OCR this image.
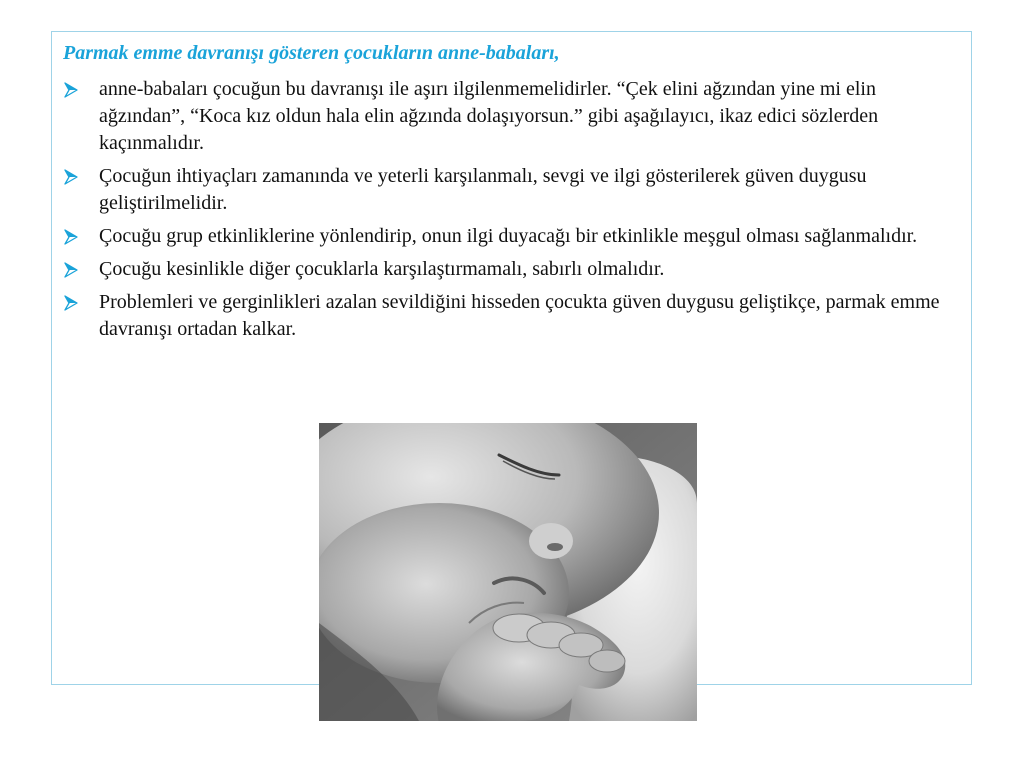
Parmak emme davranışı gösteren çocukların anne-babaları,
anne-babaları çocuğun bu davranışı ile aşırı ilgilenmemelidirler. “Çek elini ağzından yine mi elin ağzından”, “Koca kız oldun hala elin ağzında dolaşıyorsun.” gibi aşağılayıcı, ikaz edici sözlerden kaçınmalıdır.
Çocuğun ihtiyaçları zamanında ve yeterli karşılanmalı, sevgi ve ilgi gösterilerek güven duygusu geliştirilmelidir.
Çocuğu grup etkinliklerine yönlendirip, onun ilgi duyacağı bir etkinlikle meşgul olması sağlanmalıdır.
Çocuğu kesinlikle diğer çocuklarla karşılaştırmamalı, sabırlı olmalıdır.
Problemleri ve gerginlikleri azalan sevildiğini hisseden çocukta güven duygusu geliştikçe, parmak emme davranışı ortadan kalkar.
